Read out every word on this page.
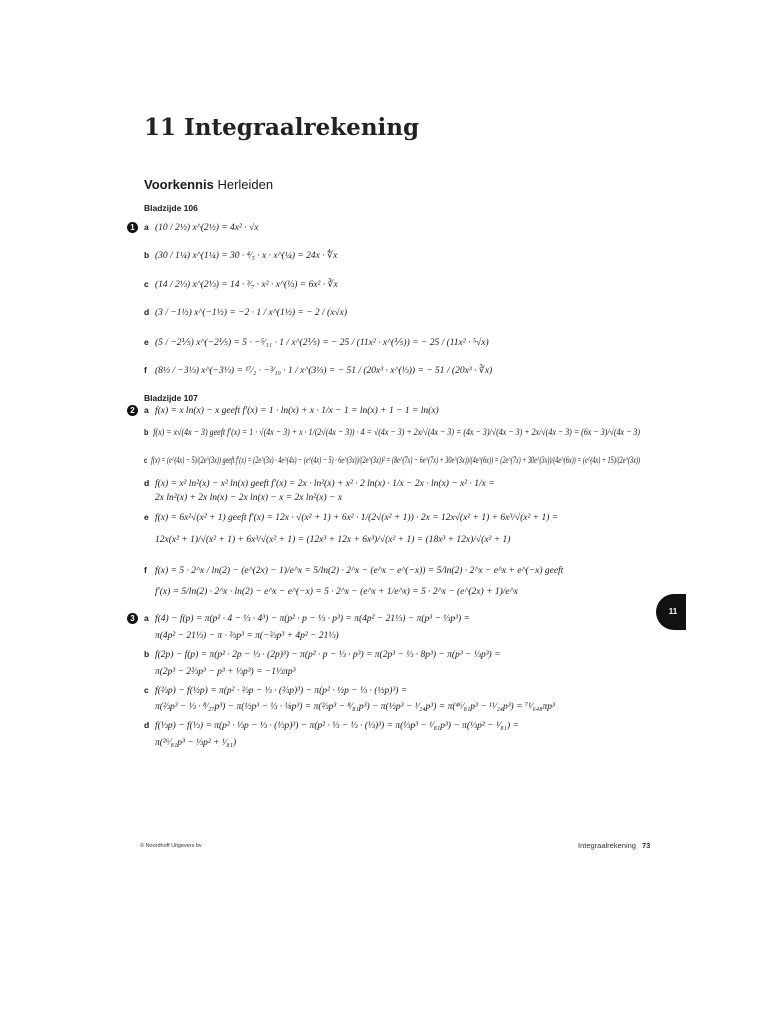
11 Integraalrekening
Voorkennis Herleiden
Bladzijde 106
1	a (10 / 2½) x^(2½) = 4x² · √x
b (30 / 1¼) x^(1¼) = 30 · ⁴⁄₅ · x · x^(¼) = 24x · ∜x
c (14 / 2⅓) x^(2⅓) = 14 · ³⁄₇ · x² · x^(⅓) = 6x² · ∛x
d (3 / −1½) x^(−1½) = −2 · 1 / x^(1½) = − 2 / (x√x)
e (5 / −2⅕) x^(−2⅕) = 5 · −⁵⁄₁₁ · 1 / x^(2⅕) = − 25 / (11x² · x^(⅕)) = − 25 / (11x² · ⁵√x)
f (8½ / −3⅓) x^(−3⅓) = ¹⁷⁄₂ · −³⁄₁₀ · 1 / x^(3⅓) = − 51 / (20x³ · x^(⅓)) = − 51 / (20x³ · ∛x)
Bladzijde 107
2	a f(x) = x ln(x) − x geeft f′(x) = 1 · ln(x) + x · 1/x − 1 = ln(x) + 1 − 1 = ln(x)
b f(x) = x√(4x − 3) geeft f′(x) = 1 · √(4x − 3) + x · 1/(2√(4x − 3)) · 4 = √(4x − 3) + 2x/√(4x − 3) = (4x − 3)/√(4x − 3) + 2x/√(4x − 3) = (6x − 3)/√(4x − 3)
c f(x) = (e^(4x) − 5)/(2e^(3x)) geeft f′(x) = (2e^(3x) · 4e^(4x) − (e^(4x) − 5) · 6e^(3x))/(2e^(3x))² = (8e^(7x) − 6e^(7x) + 30e^(3x))/(4e^(6x)) = (2e^(7x) + 30e^(3x))/(4e^(6x)) = (e^(4x) + 15)/(2e^(3x))
d f(x) = x² ln²(x) − x² ln(x) geeft f′(x) = 2x · ln²(x) + x² · 2 ln(x) · 1/x − 2x · ln(x) − x² · 1/x =
2x ln²(x) + 2x ln(x) − 2x ln(x) − x = 2x ln²(x) − x
e f(x) = 6x²√(x² + 1) geeft f′(x) = 12x · √(x² + 1) + 6x² · 1/(2√(x² + 1)) · 2x = 12x√(x² + 1) + 6x³/√(x² + 1) =
12x(x² + 1)/√(x² + 1) + 6x³/√(x² + 1) = (12x³ + 12x + 6x³)/√(x² + 1) = (18x³ + 12x)/√(x² + 1)
f f(x) = 5 · 2^x / ln(2) − (e^(2x) − 1)/e^x = 5/ln(2) · 2^x − (e^x − e^(−x)) = 5/ln(2) · 2^x − e^x + e^(−x) geeft
f′(x) = 5/ln(2) · 2^x · ln(2) − e^x − e^(−x) = 5 · 2^x − (e^x + 1/e^x) = 5 · 2^x − (e^(2x) + 1)/e^x
3	a f(4) − f(p) = π(p² · 4 − ⅓ · 4³) − π(p² · p − ⅓ · p³) = π(4p² − 21⅓) − π(p³ − ⅓p³) =
π(4p² − 21⅓) − π · ⅔p³ = π(−⅔p³ + 4p² − 21⅓)
b f(2p) − f(p) = π(p² · 2p − ⅓ · (2p)³) − π(p² · p − ⅓ · p³) = π(2p³ − ⅓ · 8p³) − π(p³ − ⅓p³) =
π(2p³ − 2⅔p³ − p³ + ⅓p³) = −1⅓πp³
c f(⅔p) − f(½p) = π(p² · ⅔p − ⅓ · (⅔p)³) − π(p² · ½p − ⅓ · (½p)³) =
π(⅔p³ − ⅓ · ⁸⁄₂₇p³) − π(½p³ − ⅓ · ⅛p³) = π(⅔p³ − ⁸⁄₈₁p³) − π(½p³ − ¹⁄₂₄p³) = π(⁴⁶⁄₈₁p³ − ¹¹⁄₂₄p³) = ⁷¹⁄₆₄₈πp³
d f(⅓p) − f(⅓) = π(p² · ⅓p − ⅓ · (⅓p)³) − π(p² · ⅓ − ⅓ · (⅓)³) = π(⅓p³ − ¹⁄₈₁p³) − π(⅓p² − ¹⁄₈₁) =
π(²⁶⁄₈₁p³ − ⅓p² + ¹⁄₈₁)
11
© Noordhoff Uitgevers bv	Integraalrekening 73
